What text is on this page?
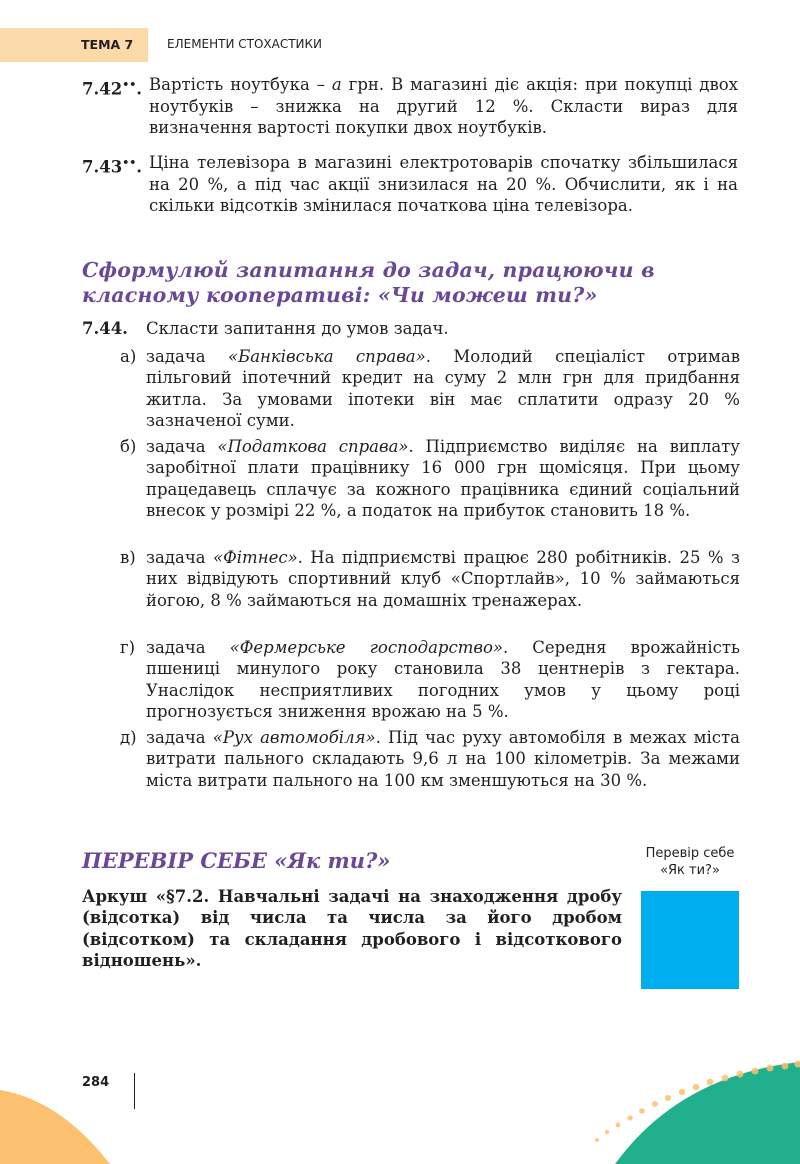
ТЕМА 7	ЕЛЕМЕНТИ СТОХАСТИКИ
7.42••. Вартість ноутбука – a грн. В магазині діє акція: при покупці двох ноутбуків – знижка на другий 12 %. Скласти вираз для визначення вартості покупки двох ноутбуків.
7.43••. Ціна телевізора в магазині електротоварів спочатку збільшилася на 20 %, а під час акції знизилася на 20 %. Обчислити, як і на скільки відсотків змінилася початкова ціна телевізора.
Сформулюй запитання до задач, працюючи в класному кооперативі: «Чи можеш ти?»
7.44. Скласти запитання до умов задач.
а) задача «Банківська справа». Молодий спеціаліст отримав пільговий іпотечний кредит на суму 2 млн грн для придбання житла. За умовами іпотеки він має сплатити одразу 20 % зазначеної суми.
б) задача «Податкова справа». Підприємство виділяє на виплату заробітної плати працівнику 16 000 грн щомісяця. При цьому працедавець сплачує за кожного працівника єдиний соціальний внесок у розмірі 22 %, а податок на прибуток становить 18 %.
в) задача «Фітнес». На підприємстві працює 280 робітників. 25 % з них відвідують спортивний клуб «Спортлайв», 10 % займаються йогою, 8 % займаються на домашніх тренажерах.
г) задача «Фермерське господарство». Середня врожайність пшениці минулого року становила 38 центнерів з гектара. Унаслідок несприятливих погодних умов у цьому році прогнозується зниження врожаю на 5 %.
д) задача «Рух автомобіля». Під час руху автомобіля в межах міста витрати пального складають 9,6 л на 100 кілометрів. За межами міста витрати пального на 100 км зменшуються на 30 %.
ПЕРЕВІР СЕБЕ «Як ти?»
Аркуш «§7.2. Навчальні задачі на знаходження дробу (відсотка) від числа та числа за його дробом (відсотком) та складання дробового і відсоткового відношень».
Перевір себе
«Як ти?»
284
